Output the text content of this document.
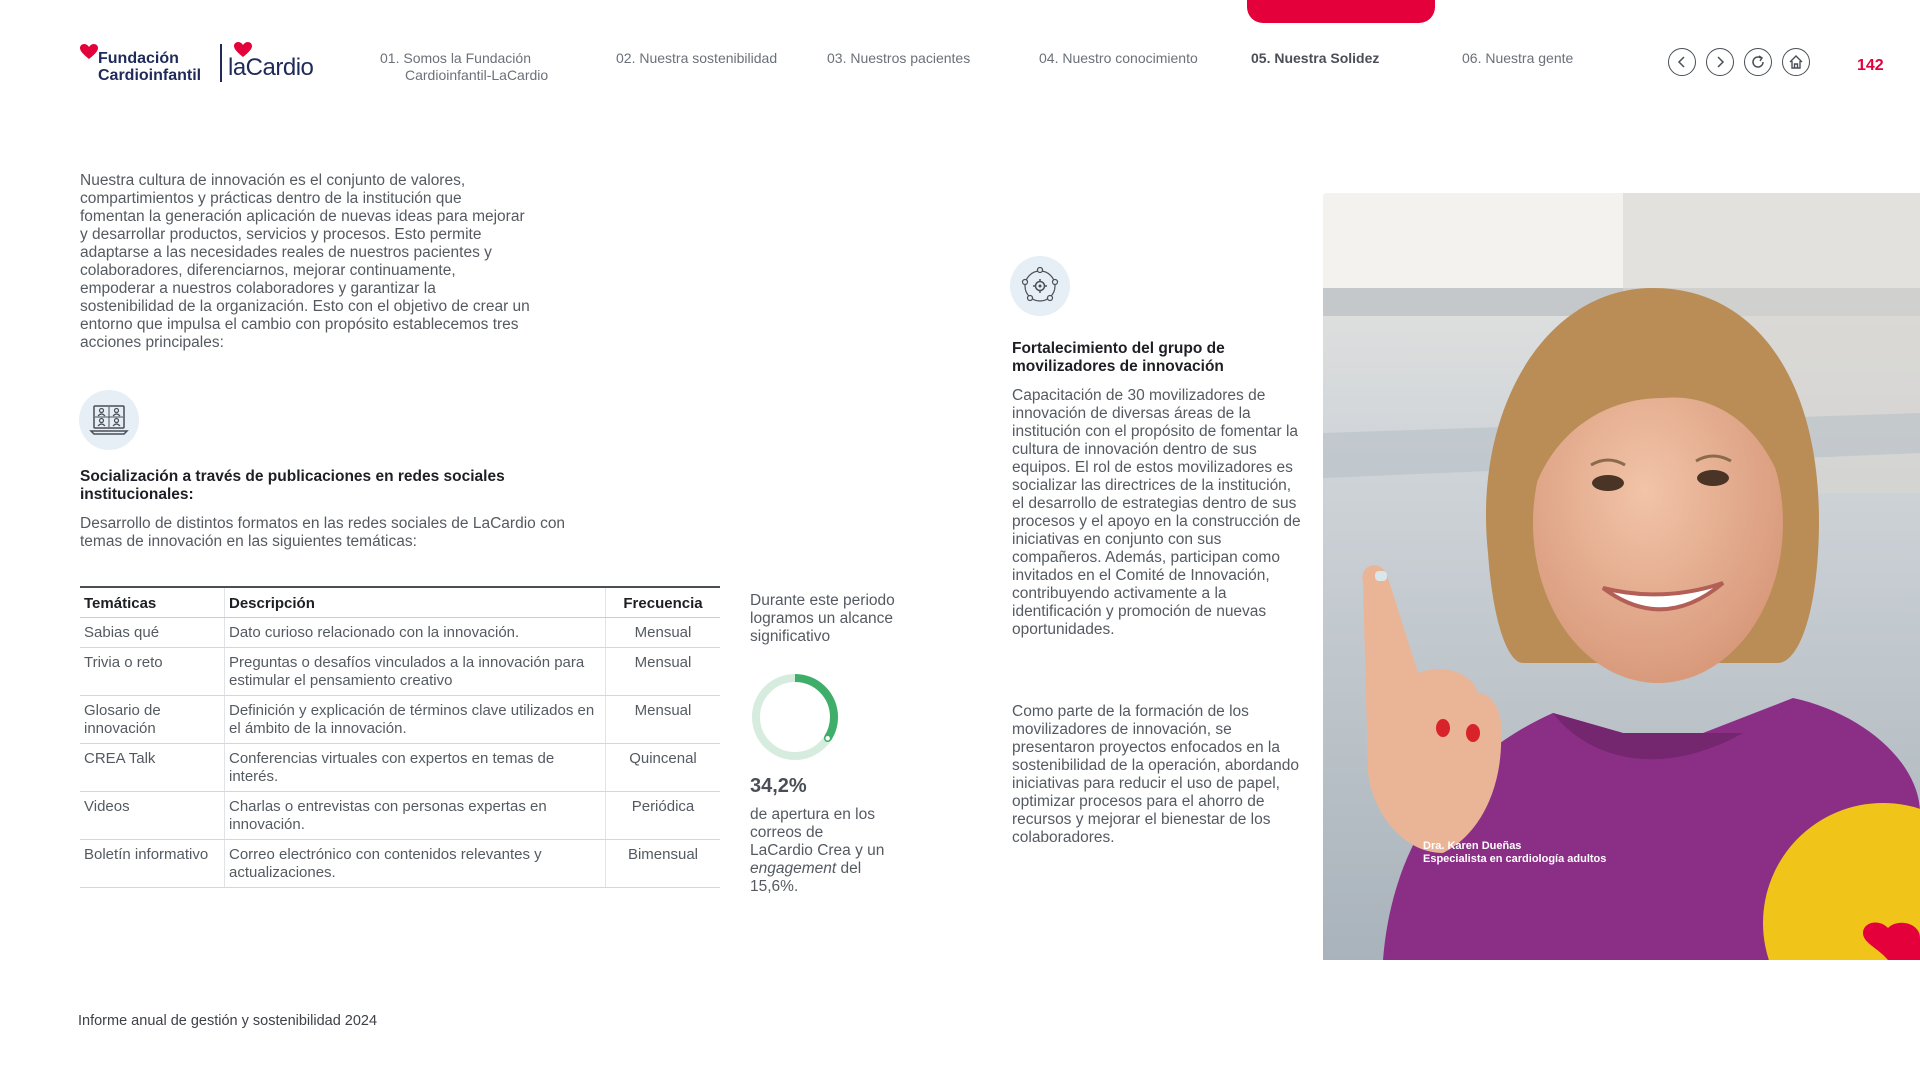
Fundación
Cardioinfantil laCardio	01. Somos la Fundación
Cardioinfantil-LaCardio
02. Nuestra sostenibilidad	03. Nuestros pacientes	04. Nuestro conocimiento	05. Nuestra Solidez	06. Nuestra gente	142
Nuestra cultura de innovación es el conjunto de valores, compartimientos y prácticas dentro de la institución que fomentan la generación aplicación de nuevas ideas para mejorar y desarrollar productos, servicios y procesos. Esto permite adaptarse a las necesidades reales de nuestros pacientes y colaboradores, diferenciarnos, mejorar continuamente, empoderar a nuestros colaboradores y garantizar la sostenibilidad de la organización. Esto con el objetivo de crear un entorno que impulsa el cambio con propósito establecemos tres acciones principales:
Socialización a través de publicaciones en redes sociales institucionales:
Desarrollo de distintos formatos en las redes sociales de LaCardio con temas de innovación en las siguientes temáticas:
Temáticas	Descripción	Frecuencia
Sabias qué	Dato curioso relacionado con la innovación.	Mensual
Trivia o reto	Preguntas o desafíos vinculados a la innovación para estimular el pensamiento creativo	Mensual
Glosario de innovación	Definición y explicación de términos clave utilizados en el ámbito de la innovación.	Mensual
CREA Talk	Conferencias virtuales con expertos en temas de interés.	Quincenal
Videos	Charlas o entrevistas con personas expertas en innovación.	Periódica
Boletín informativo	Correo electrónico con contenidos relevantes y actualizaciones.	Bimensual
Durante este periodo logramos un alcance significativo
34,2%
de apertura en los correos de LaCardio Crea y un engagement del 15,6%.
Fortalecimiento del grupo de movilizadores de innovación
Capacitación de 30 movilizadores de innovación de diversas áreas de la institución con el propósito de fomentar la cultura de innovación dentro de sus equipos. El rol de estos movilizadores es socializar las directrices de la institución, el desarrollo de estrategias dentro de sus procesos y el apoyo en la construcción de iniciativas en conjunto con sus compañeros. Además, participan como invitados en el Comité de Innovación, contribuyendo activamente a la identificación y promoción de nuevas oportunidades.
Como parte de la formación de los movilizadores de innovación, se presentaron proyectos enfocados en la sostenibilidad de la operación, abordando iniciativas para reducir el uso de papel, optimizar procesos para el ahorro de recursos y mejorar el bienestar de los colaboradores.	Dra. Karen Dueñas
Especialista en cardiología adultos
Informe anual de gestión y sostenibilidad 2024
